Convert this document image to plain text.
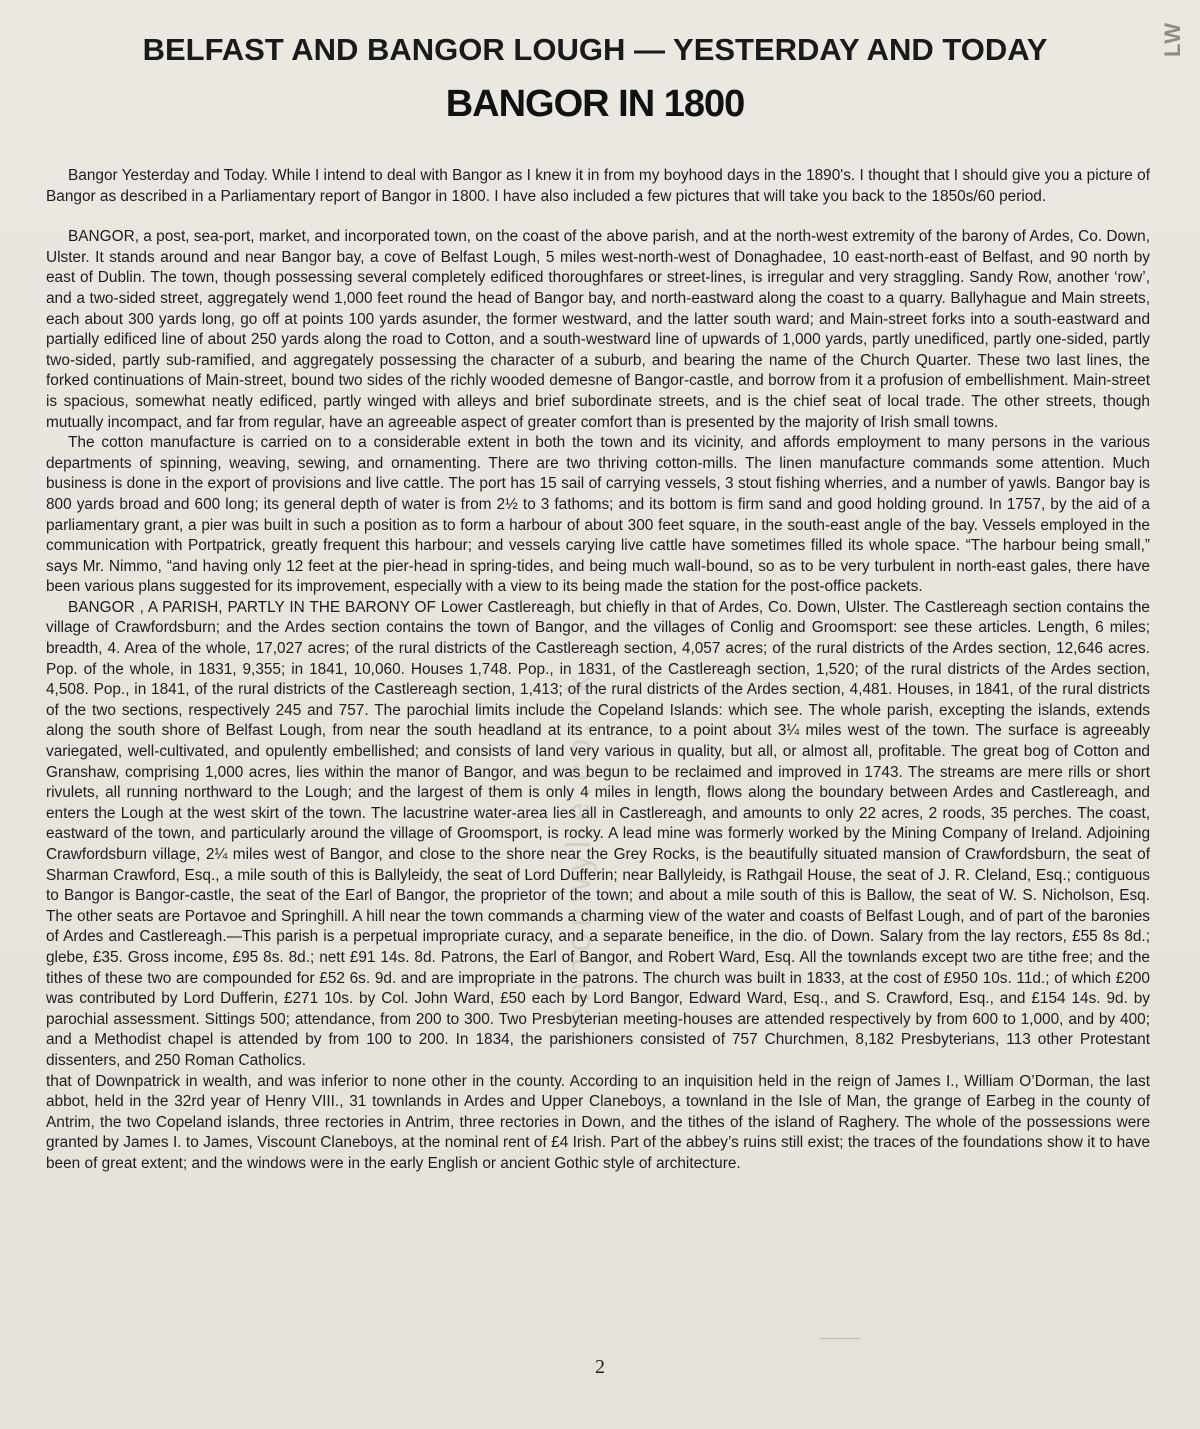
LW
BELFAST AND BANGOR LOUGH — YESTERDAY AND TODAY
BANGOR IN 1800

Bangor Yesterday and Today. While I intend to deal with Bangor as I knew it in from my boyhood days in the 1890's. I thought that I should give you a picture of Bangor as described in a Parliamentary report of Bangor in 1800. I have also included a few pictures that will take you back to the 1850s/60 period.

BANGOR, a post, sea-port, market, and incorporated town, on the coast of the above parish, and at the north-west extremity of the barony of Ardes, Co. Down, Ulster. It stands around and near Bangor bay, a cove of Belfast Lough, 5 miles west-north-west of Donaghadee, 10 east-north-east of Belfast, and 90 north by east of Dublin. The town, though possessing several completely edificed thoroughfares or street-lines, is irregular and very straggling. Sandy Row, another ‘row’, and a two-sided street, aggregately wend 1,000 feet round the head of Bangor bay, and north-eastward along the coast to a quarry. Ballyhague and Main streets, each about 300 yards long, go off at points 100 yards asunder, the former westward, and the latter south ward; and Main-street forks into a south-eastward and partially edificed line of about 250 yards along the road to Cotton, and a south-westward line of upwards of 1,000 yards, partly unedificed, partly one-sided, partly two-sided, partly sub-ramified, and aggregately possessing the character of a suburb, and bearing the name of the Church Quarter. These two last lines, the forked continuations of Main-street, bound two sides of the richly wooded demesne of Bangor-castle, and borrow from it a profusion of embellishment. Main-street is spacious, somewhat neatly edificed, partly winged with alleys and brief subordinate streets, and is the chief seat of local trade. The other streets, though mutually incompact, and far from regular, have an agreeable aspect of greater comfort than is presented by the majority of Irish small towns.

The cotton manufacture is carried on to a considerable extent in both the town and its vicinity, and affords employment to many persons in the various departments of spinning, weaving, sewing, and ornamenting. There are two thriving cotton-mills. The linen manufacture commands some attention. Much business is done in the export of provisions and live cattle. The port has 15 sail of carrying vessels, 3 stout fishing wherries, and a number of yawls. Bangor bay is 800 yards broad and 600 long; its general depth of water is from 2½ to 3 fathoms; and its bottom is firm sand and good holding ground. In 1757, by the aid of a parliamentary grant, a pier was built in such a position as to form a harbour of about 300 feet square, in the south-east angle of the bay. Vessels employed in the communication with Portpatrick, greatly frequent this harbour; and vessels carying live cattle have sometimes filled its whole space. “The harbour being small,” says Mr. Nimmo, “and having only 12 feet at the pier-head in spring-tides, and being much wall-bound, so as to be very turbulent in north-east gales, there have been various plans suggested for its improvement, especially with a view to its being made the station for the post-office packets.

BANGOR , A PARISH, PARTLY IN THE BARONY OF Lower Castlereagh, but chiefly in that of Ardes, Co. Down, Ulster. The Castlereagh section contains the village of Crawfordsburn; and the Ardes section contains the town of Bangor, and the villages of Conlig and Groomsport: see these articles. Length, 6 miles; breadth, 4. Area of the whole, 17,027 acres; of the rural districts of the Castlereagh section, 4,057 acres; of the rural districts of the Ardes section, 12,646 acres. Pop. of the whole, in 1831, 9,355; in 1841, 10,060. Houses 1,748. Pop., in 1831, of the Castlereagh section, 1,520; of the rural districts of the Ardes section, 4,508. Pop., in 1841, of the rural districts of the Castlereagh section, 1,413; of the rural districts of the Ardes section, 4,481. Houses, in 1841, of the rural districts of the two sections, respectively 245 and 757. The parochial limits include the Copeland Islands: which see. The whole parish, excepting the islands, extends along the south shore of Belfast Lough, from near the south headland at its entrance, to a point about 3¼ miles west of the town. The surface is agreeably variegated, well-cultivated, and opulently embellished; and consists of land very various in quality, but all, or almost all, profitable. The great bog of Cotton and Granshaw, comprising 1,000 acres, lies within the manor of Bangor, and was begun to be reclaimed and improved in 1743. The streams are mere rills or short rivulets, all running northward to the Lough; and the largest of them is only 4 miles in length, flows along the boundary between Ardes and Castlereagh, and enters the Lough at the west skirt of the town. The lacustrine water-area lies all in Castlereagh, and amounts to only 22 acres, 2 roods, 35 perches. The coast, eastward of the town, and particularly around the village of Groomsport, is rocky. A lead mine was formerly worked by the Mining Company of Ireland. Adjoining Crawfordsburn village, 2¼ miles west of Bangor, and close to the shore near the Grey Rocks, is the beautifully situated mansion of Crawfordsburn, the seat of Sharman Crawford, Esq., a mile south of this is Ballyleidy, the seat of Lord Dufferin; near Ballyleidy, is Rathgail House, the seat of J. R. Cleland, Esq.; contiguous to Bangor is Bangor-castle, the seat of the Earl of Bangor, the proprietor of the town; and about a mile south of this is Ballow, the seat of W. S. Nicholson, Esq. The other seats are Portavoe and Springhill. A hill near the town commands a charming view of the water and coasts of Belfast Lough, and of part of the baronies of Ardes and Castlereagh.—This parish is a perpetual impropriate curacy, and a separate beneifice, in the dio. of Down. Salary from the lay rectors, £55 8s 8d.; glebe, £35. Gross income, £95 8s. 8d.; nett £91 14s. 8d. Patrons, the Earl of Bangor, and Robert Ward, Esq. All the townlands except two are tithe free; and the tithes of these two are compounded for £52 6s. 9d. and are impropriate in the patrons. The church was built in 1833, at the cost of £950 10s. 11d.; of which £200 was contributed by Lord Dufferin, £271 10s. by Col. John Ward, £50 each by Lord Bangor, Edward Ward, Esq., and S. Crawford, Esq., and £154 14s. 9d. by parochial assessment. Sittings 500; attendance, from 200 to 300. Two Presbyterian meeting-houses are attended respectively by from 600 to 1,000, and by 400; and a Methodist chapel is attended by from 100 to 200. In 1834, the parishioners consisted of 757 Churchmen, 8,182 Presbyterians, 113 other Protestant dissenters, and 250 Roman Catholics.

that of Downpatrick in wealth, and was inferior to none other in the county. According to an inquisition held in the reign of James I., William O’Dorman, the last abbot, held in the 32rd year of Henry VIII., 31 townlands in Ardes and Upper Claneboys, a townland in the Isle of Man, the grange of Earbeg in the county of Antrim, the two Copeland islands, three rectories in Antrim, three rectories in Down, and the tithes of the island of Raghery. The whole of the possessions were granted by James I. to James, Viscount Claneboys, at the nominal rent of £4 Irish. Part of the abbey’s ruins still exist; the traces of the foundations show it to have been of great extent; and the windows were in the early English or ancient Gothic style of architecture.

lennonwylie.co.uk
2
